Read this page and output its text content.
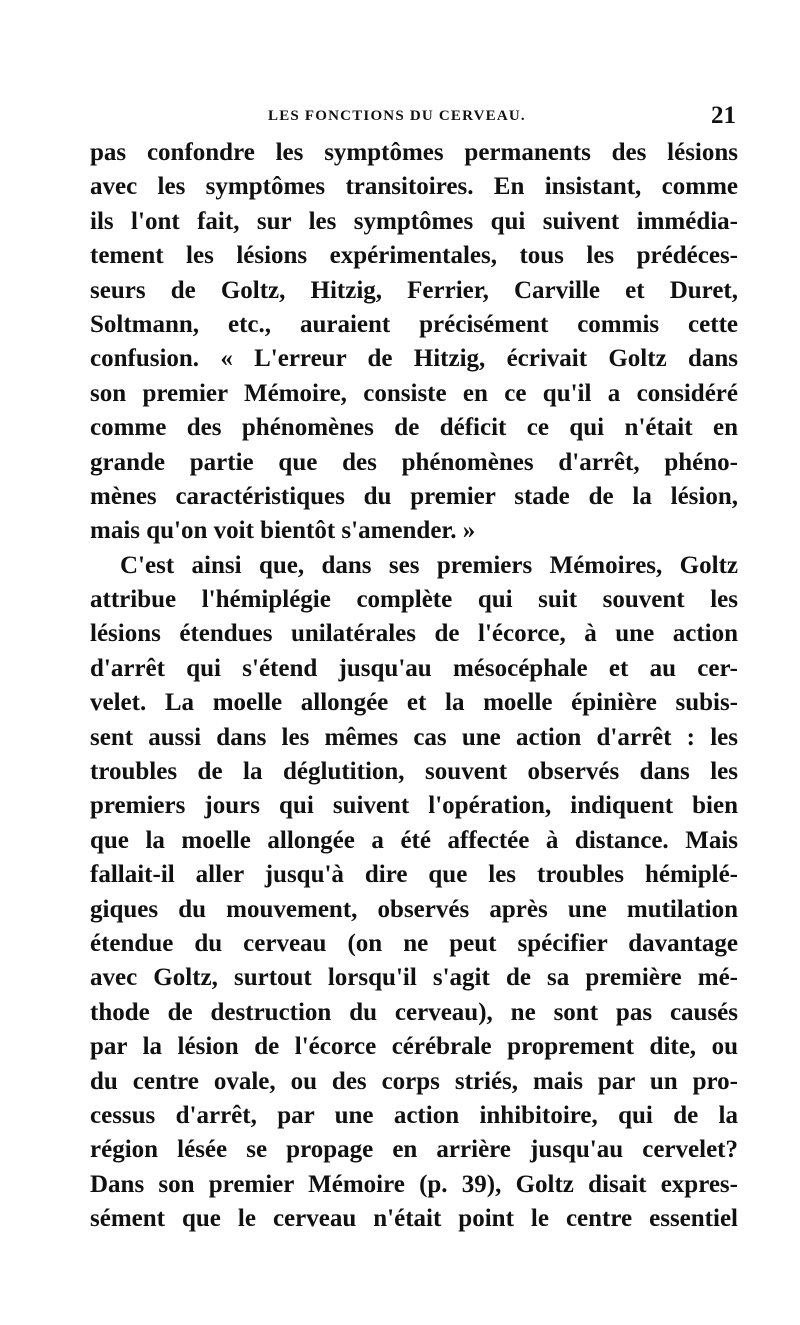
LES FONCTIONS DU CERVEAU.	21
pas confondre les symptômes permanents des lésions
avec les symptômes transitoires. En insistant, comme
ils l'ont fait, sur les symptômes qui suivent immédia-
tement les lésions expérimentales, tous les prédéces-
seurs de Goltz, Hitzig, Ferrier, Carville et Duret,
Soltmann, etc., auraient précisément commis cette
confusion. « L'erreur de Hitzig, écrivait Goltz dans
son premier Mémoire, consiste en ce qu'il a considéré
comme des phénomènes de déficit ce qui n'était en
grande partie que des phénomènes d'arrêt, phéno-
mènes caractéristiques du premier stade de la lésion,
mais qu'on voit bientôt s'amender. »
C'est ainsi que, dans ses premiers Mémoires, Goltz
attribue l'hémiplégie complète qui suit souvent les
lésions étendues unilatérales de l'écorce, à une action
d'arrêt qui s'étend jusqu'au mésocéphale et au cer-
velet. La moelle allongée et la moelle épinière subis-
sent aussi dans les mêmes cas une action d'arrêt : les
troubles de la déglutition, souvent observés dans les
premiers jours qui suivent l'opération, indiquent bien
que la moelle allongée a été affectée à distance. Mais
fallait-il aller jusqu'à dire que les troubles hémiplé-
giques du mouvement, observés après une mutilation
étendue du cerveau (on ne peut spécifier davantage
avec Goltz, surtout lorsqu'il s'agit de sa première mé-
thode de destruction du cerveau), ne sont pas causés
par la lésion de l'écorce cérébrale proprement dite, ou
du centre ovale, ou des corps striés, mais par un pro-
cessus d'arrêt, par une action inhibitoire, qui de la
région lésée se propage en arrière jusqu'au cervelet?
Dans son premier Mémoire (p. 39), Goltz disait expres-
sément que le cerveau n'était point le centre essentiel
